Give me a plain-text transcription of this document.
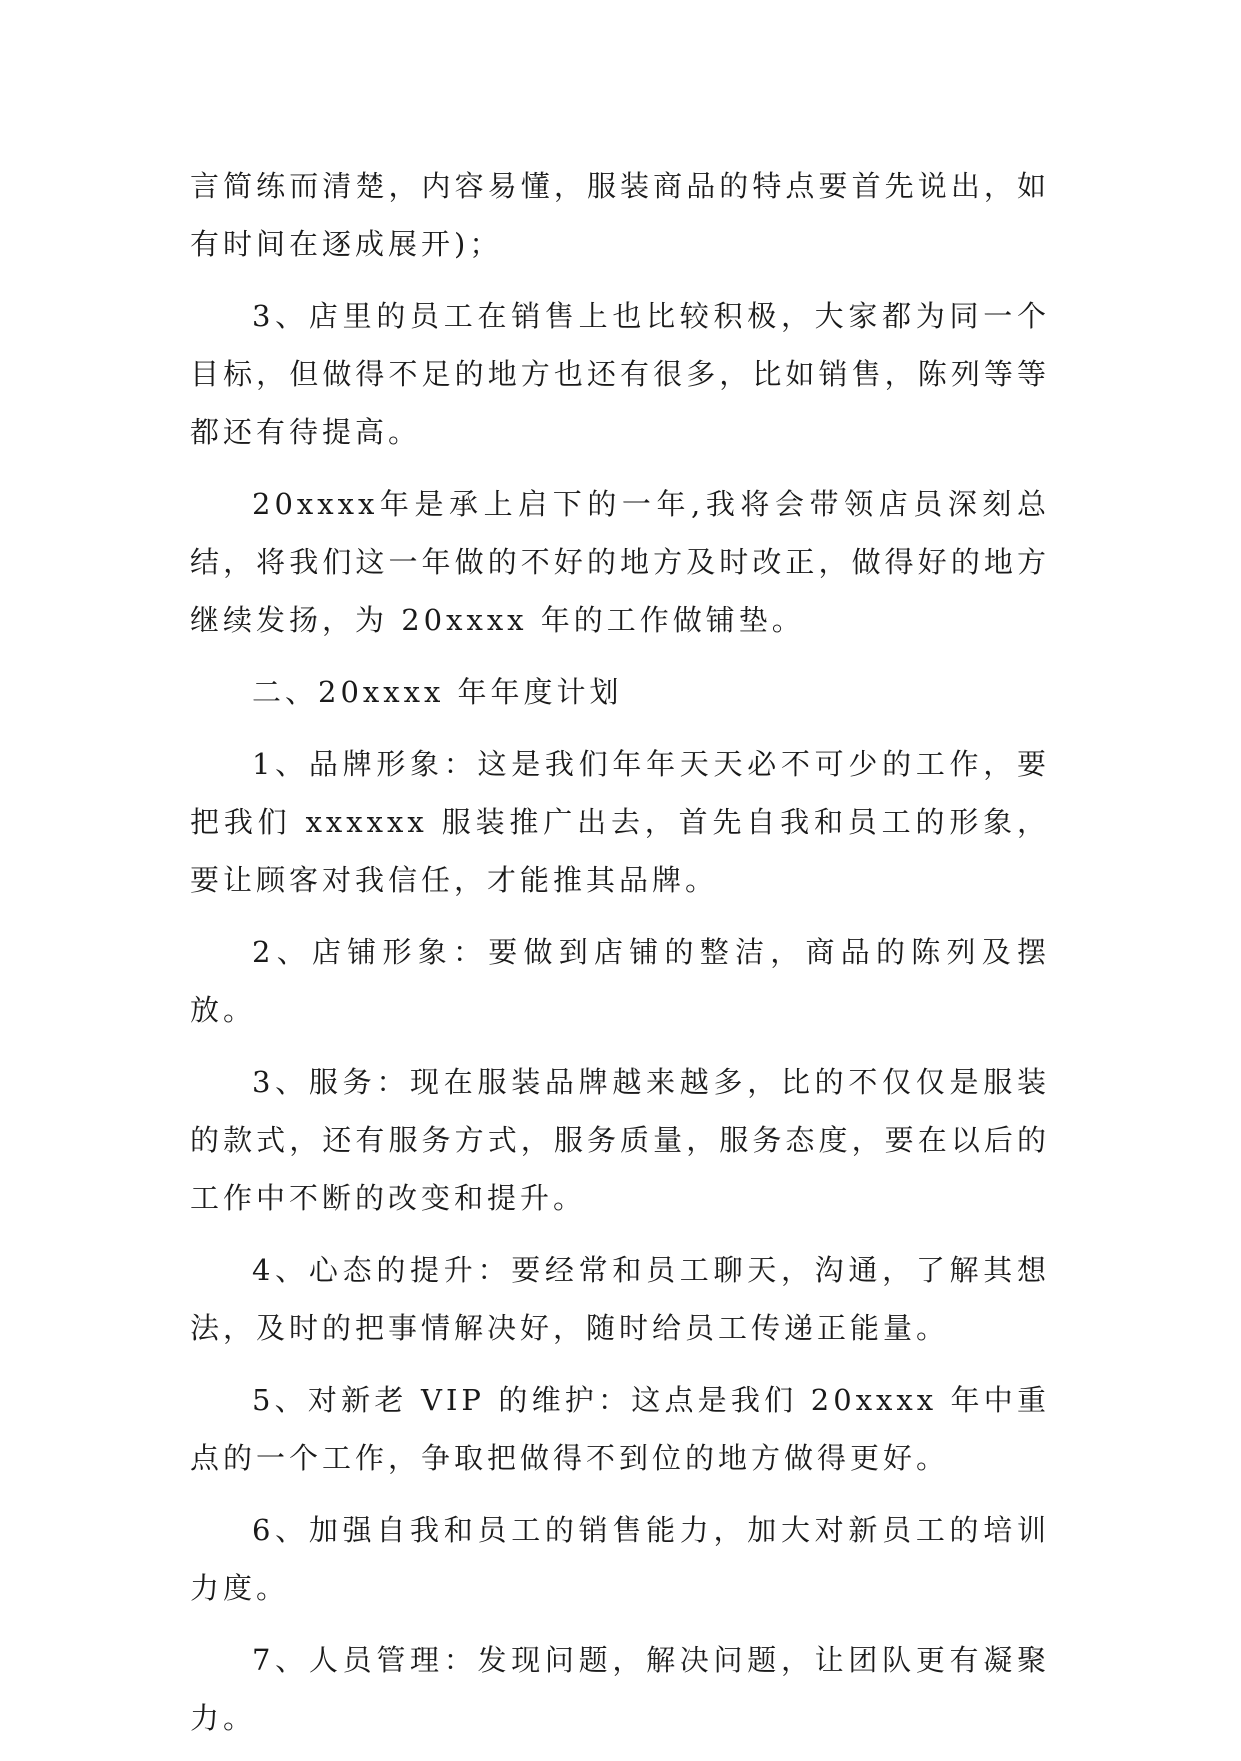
言简练而清楚，内容易懂，服装商品的特点要首先说出，如有时间在逐成展开)；

3、店里的员工在销售上也比较积极，大家都为同一个目标，但做得不足的地方也还有很多，比如销售，陈列等等都还有待提高。

20xxxx年是承上启下的一年,我将会带领店员深刻总结，将我们这一年做的不好的地方及时改正，做得好的地方继续发扬，为 20xxxx 年的工作做铺垫。

二、20xxxx 年年度计划

1、品牌形象：这是我们年年天天必不可少的工作，要把我们 xxxxxx 服装推广出去，首先自我和员工的形象，要让顾客对我信任，才能推其品牌。

2、店铺形象：要做到店铺的整洁，商品的陈列及摆放。

3、服务：现在服装品牌越来越多，比的不仅仅是服装的款式，还有服务方式，服务质量，服务态度，要在以后的工作中不断的改变和提升。

4、心态的提升：要经常和员工聊天，沟通，了解其想法，及时的把事情解决好，随时给员工传递正能量。

5、对新老 VIP 的维护：这点是我们 20xxxx 年中重点的一个工作，争取把做得不到位的地方做得更好。

6、加强自我和员工的销售能力，加大对新员工的培训力度。

7、人员管理：发现问题，解决问题，让团队更有凝聚力。
